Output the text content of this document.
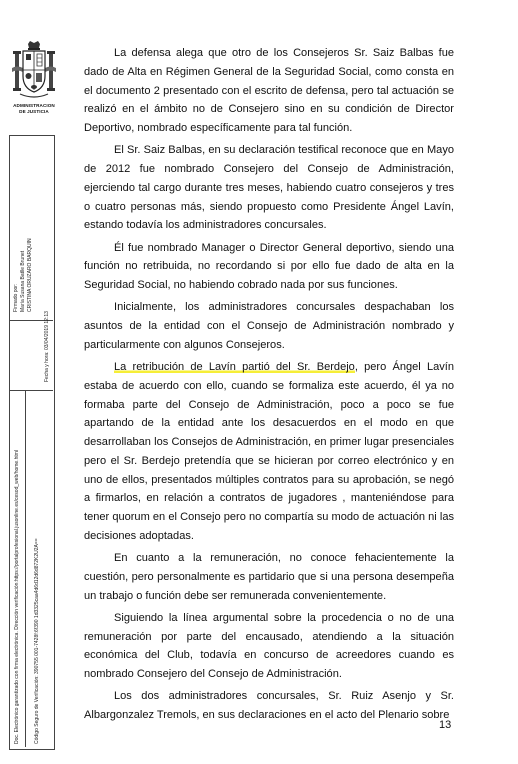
ADMINISTRACION
DE JUSTICIA
Firmado por: María Susana Batlle Brunet CRISTINA ORUZARO BARQUIN
Fecha y hora: 03/04/2019 12:13
Doc. Electrónico garantizado con firma electrónica. Dirección verificación:https://portalprofesional.jusonline.es/cesod_web/home.html	Código Seguro de Verificación: 390755 001-7428f:6f390 1d3325caa4d6d12d6d872K2U2A==

La defensa alega que otro de los Consejeros Sr. Saiz Balbas fue dado de Alta en Régimen General de la Seguridad Social, como consta en el documento 2 presentado con el escrito de defensa, pero tal actuación se realizó en el ámbito no de Consejero sino en su condición de Director Deportivo, nombrado específicamente para tal función.

El Sr. Saiz Balbas, en su declaración testifical reconoce que en Mayo de 2012 fue nombrado Consejero del Consejo de Administración, ejerciendo tal cargo durante tres meses, habiendo cuatro consejeros y tres o cuatro personas más, siendo propuesto como Presidente Ángel Lavín, estando todavía los administradores concursales.

Él fue nombrado Manager o Director General deportivo, siendo una función no retribuida, no recordando si por ello fue dado de alta en la Seguridad Social, no habiendo cobrado nada por sus funciones.

Inicialmente, los administradores concursales despachaban los asuntos de la entidad con el Consejo de Administración nombrado y particularmente con algunos Consejeros.

La retribución de Lavín partió del Sr. Berdejo, pero Ángel Lavín estaba de acuerdo con ello, cuando se formaliza este acuerdo, él ya no formaba parte del Consejo de Administración, poco a poco se fue apartando de la entidad ante los desacuerdos en el modo en que desarrollaban los Consejos de Administración, en primer lugar presenciales pero el Sr. Berdejo pretendía que se hicieran por correo electrónico y en uno de ellos, presentados múltiples contratos para su aprobación, se negó a firmarlos, en relación a contratos de jugadores , manteniéndose para tener quorum en el Consejo pero no compartía su modo de actuación ni las decisiones adoptadas.

En cuanto a la remuneración, no conoce fehacientemente la cuestión, pero personalmente es partidario que si una persona desempeña un trabajo o función debe ser remunerada convenientemente.

Siguiendo la línea argumental sobre la procedencia o no de una remuneración por parte del encausado, atendiendo a la situación económica del Club, todavía en concurso de acreedores cuando es nombrado Consejero del Consejo de Administración.

Los dos administradores concursales, Sr. Ruiz Asenjo y Sr. Albargonzalez Tremols, en sus declaraciones en el acto del Plenario sobre

13
